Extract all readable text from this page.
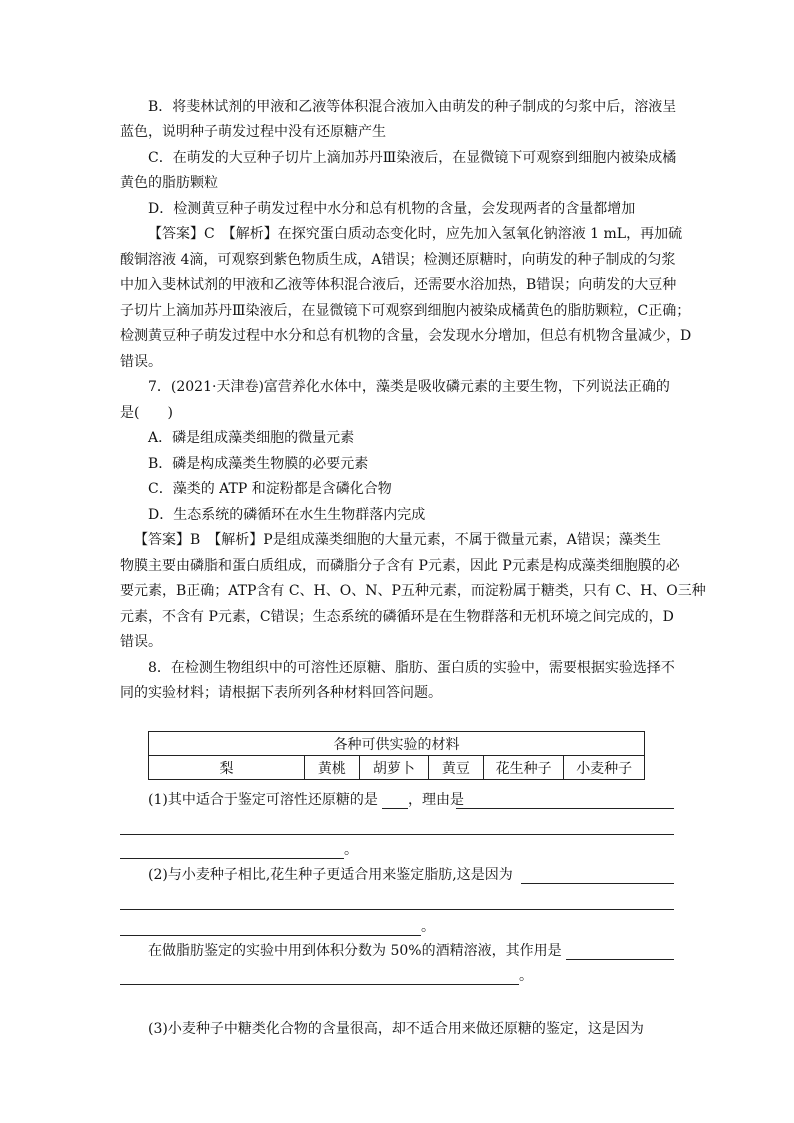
B．将斐林试剂的甲液和乙液等体积混合液加入由萌发的种子制成的匀浆中后，溶液呈
蓝色，说明种子萌发过程中没有还原糖产生
C．在萌发的大豆种子切片上滴加苏丹Ⅲ染液后，在显微镜下可观察到细胞内被染成橘
黄色的脂肪颗粒
D．检测黄豆种子萌发过程中水分和总有机物的含量，会发现两者的含量都增加
【答案】C　【解析】在探究蛋白质动态变化时，应先加入氢氧化钠溶液 1 mL，再加硫
酸铜溶液 4滴，可观察到紫色物质生成，A错误；检测还原糖时，向萌发的种子制成的匀浆
中加入斐林试剂的甲液和乙液等体积混合液后，还需要水浴加热，B错误；向萌发的大豆种
子切片上滴加苏丹Ⅲ染液后，在显微镜下可观察到细胞内被染成橘黄色的脂肪颗粒，C正确；
检测黄豆种子萌发过程中水分和总有机物的含量，会发现水分增加，但总有机物含量减少，D
错误。
7．(2021·天津卷)富营养化水体中，藻类是吸收磷元素的主要生物，下列说法正确的
是(　　)
A．磷是组成藻类细胞的微量元素
B．磷是构成藻类生物膜的必要元素
C．藻类的 ATP 和淀粉都是含磷化合物
D．生态系统的磷循环在水生生物群落内完成
【答案】B　【解析】P是组成藻类细胞的大量元素，不属于微量元素，A错误；藻类生
物膜主要由磷脂和蛋白质组成，而磷脂分子含有 P元素，因此 P元素是构成藻类细胞膜的必
要元素，B正确；ATP含有 C、H、O、N、P五种元素，而淀粉属于糖类，只有 C、H、O三种
元素，不含有 P元素，C错误；生态系统的磷循环是在生物群落和无机环境之间完成的，D
错误。
8．在检测生物组织中的可溶性还原糖、脂肪、蛋白质的实验中，需要根据实验选择不
同的实验材料；请根据下表所列各种材料回答问题。
(1)其中适合于鉴定可溶性还原糖的是 ，理由是
。
(2)与小麦种子相比,花生种子更适合用来鉴定脂肪,这是因为
。
在做脂肪鉴定的实验中用到体积分数为 50%的酒精溶液，其作用是
。
(3)小麦种子中糖类化合物的含量很高，却不适合用来做还原糖的鉴定，这是因为
各种可供实验的材料
梨	黄桃	胡萝卜	黄豆	花生种子	小麦种子
